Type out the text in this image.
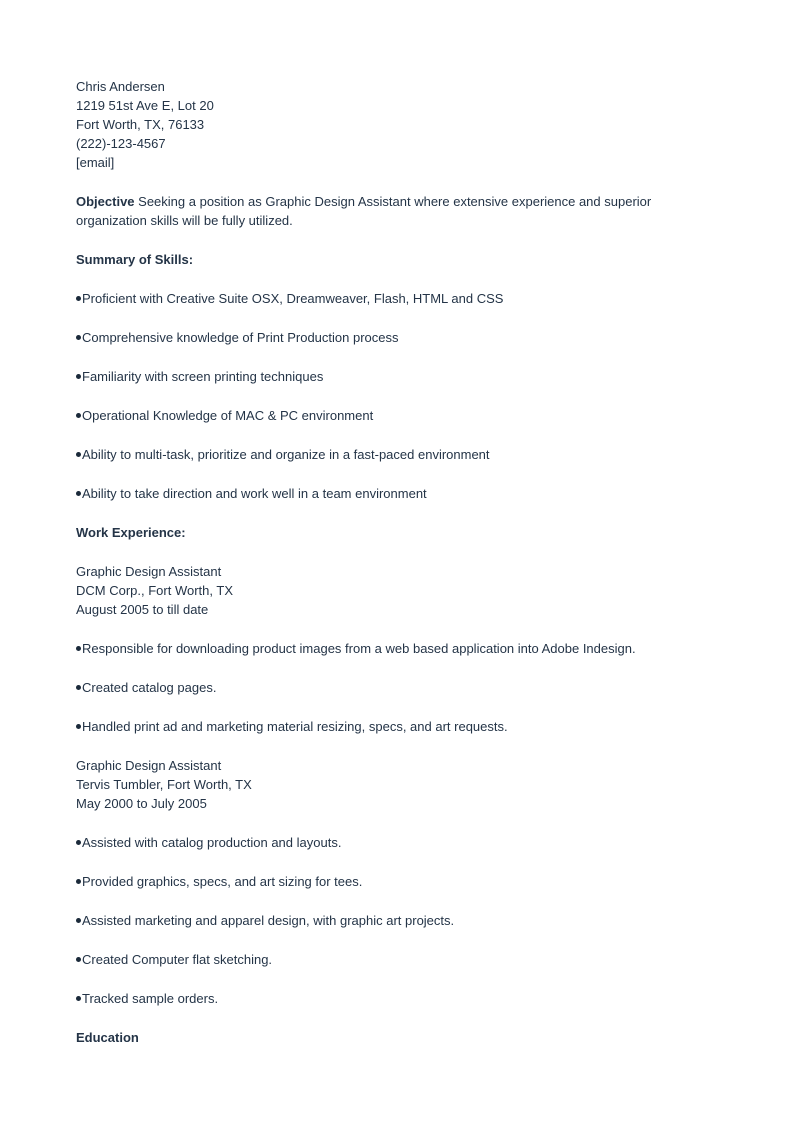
Chris Andersen
1219 51st Ave E, Lot 20
Fort Worth, TX, 76133
(222)-123-4567
[email]
Objective Seeking a position as Graphic Design Assistant where extensive experience and superior organization skills will be fully utilized.
Summary of Skills:
Proficient with Creative Suite OSX, Dreamweaver, Flash, HTML and CSS
Comprehensive knowledge of Print Production process
Familiarity with screen printing techniques
Operational Knowledge of MAC & PC environment
Ability to multi-task, prioritize and organize in a fast-paced environment
Ability to take direction and work well in a team environment
Work Experience:
Graphic Design Assistant
DCM Corp., Fort Worth, TX
August 2005 to till date
Responsible for downloading product images from a web based application into Adobe Indesign.
Created catalog pages.
Handled print ad and marketing material resizing, specs, and art requests.
Graphic Design Assistant
Tervis Tumbler, Fort Worth, TX
May 2000 to July 2005
Assisted with catalog production and layouts.
Provided graphics, specs, and art sizing for tees.
Assisted marketing and apparel design, with graphic art projects.
Created Computer flat sketching.
Tracked sample orders.
Education
